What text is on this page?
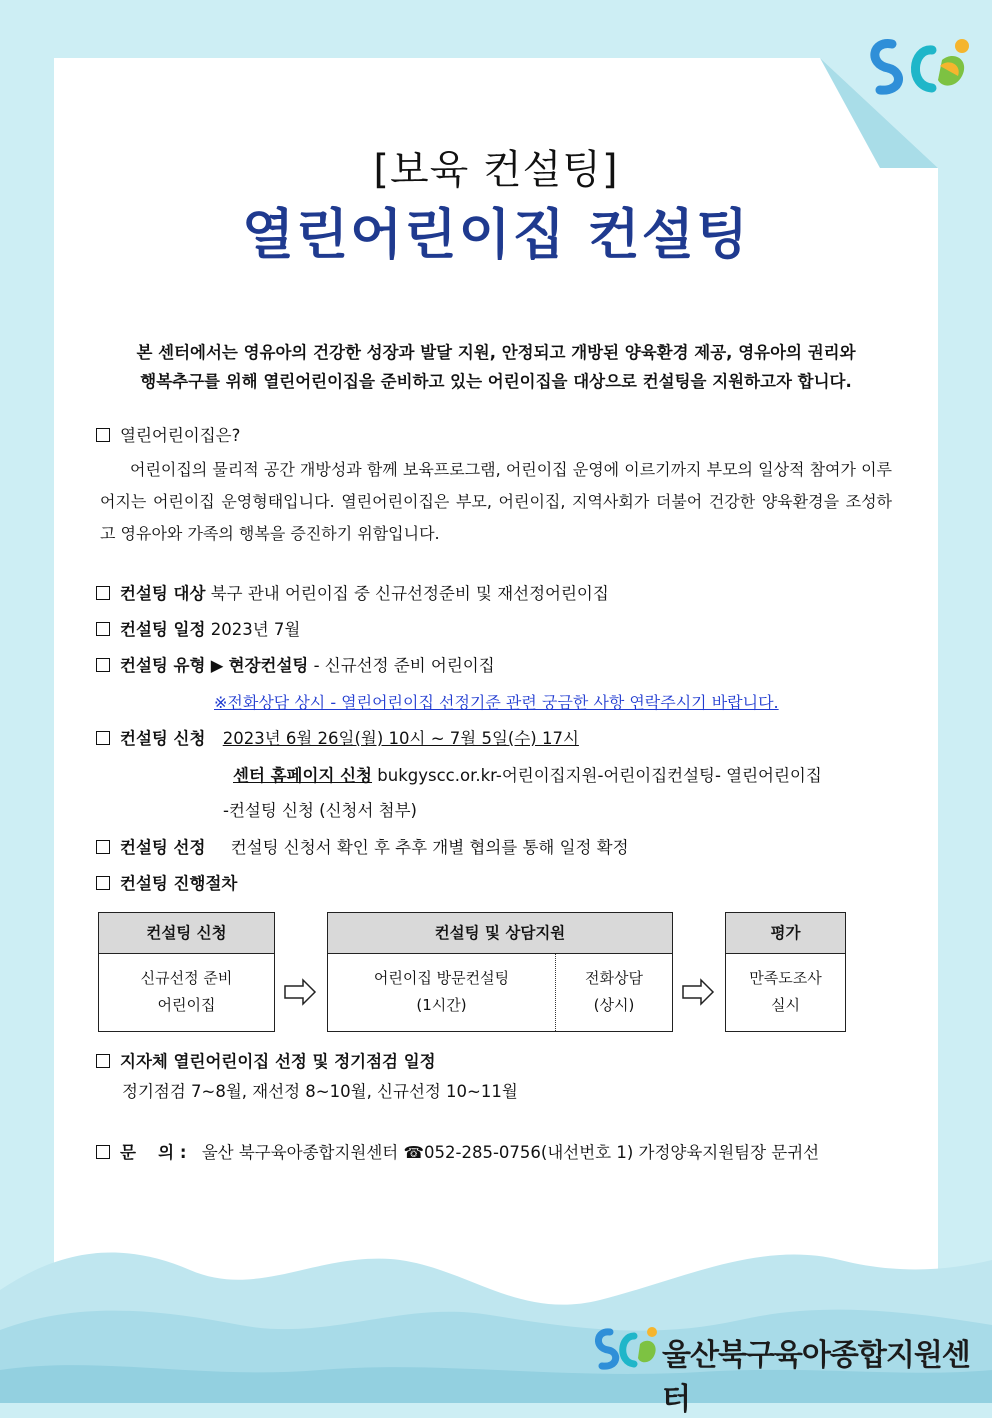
[보육 컨설팅]
열린어린이집 컨설팅
본 센터에서는 영유아의 건강한 성장과 발달 지원, 안정되고 개방된 양육환경 제공, 영유아의 권리와
행복추구를 위해 열린어린이집을 준비하고 있는 어린이집을 대상으로 컨설팅을 지원하고자 합니다.
열린어린이집은?
어린이집의 물리적 공간 개방성과 함께 보육프로그램, 어린이집 운영에 이르기까지 부모의 일상적 참여가 이루어지는 어린이집 운영형태입니다. 열린어린이집은 부모, 어린이집, 지역사회가 더불어 건강한 양육환경을 조성하고 영유아와 가족의 행복을 증진하기 위함입니다.
컨설팅 대상 북구 관내 어린이집 중 신규선정준비 및 재선정어린이집
컨설팅 일정 2023년 7월
컨설팅 유형 ▶ 현장컨설팅 - 신규선정 준비 어린이집
※전화상담 상시 - 열린어린이집 선정기준 관련 궁금한 사항 연락주시기 바랍니다.
컨설팅 신청 2023년 6월 26일(월) 10시 ~ 7월 5일(수) 17시
센터 홈페이지 신청 bukgyscc.or.kr-어린이집지원-어린이집컨설팅- 열린어린이집
-컨설팅 신청 (신청서 첨부)
컨설팅 선정 컨설팅 신청서 확인 후 추후 개별 협의를 통해 일정 확정
컨설팅 진행절차
컨설팅 신청
신규선정 준비
어린이집
컨설팅 및 상담지원
어린이집 방문컨설팅
(1시간)
전화상담
(상시)
평가
만족도조사
실시
지자체 열린어린이집 선정 및 정기점검 일정
정기점검 7~8월, 재선정 8~10월, 신규선정 10~11월
문　 의 : 울산 북구육아종합지원센터 ☎052-285-0756(내선번호 1) 가정양육지원팀장 문귀선
울산북구육아종합지원센터
